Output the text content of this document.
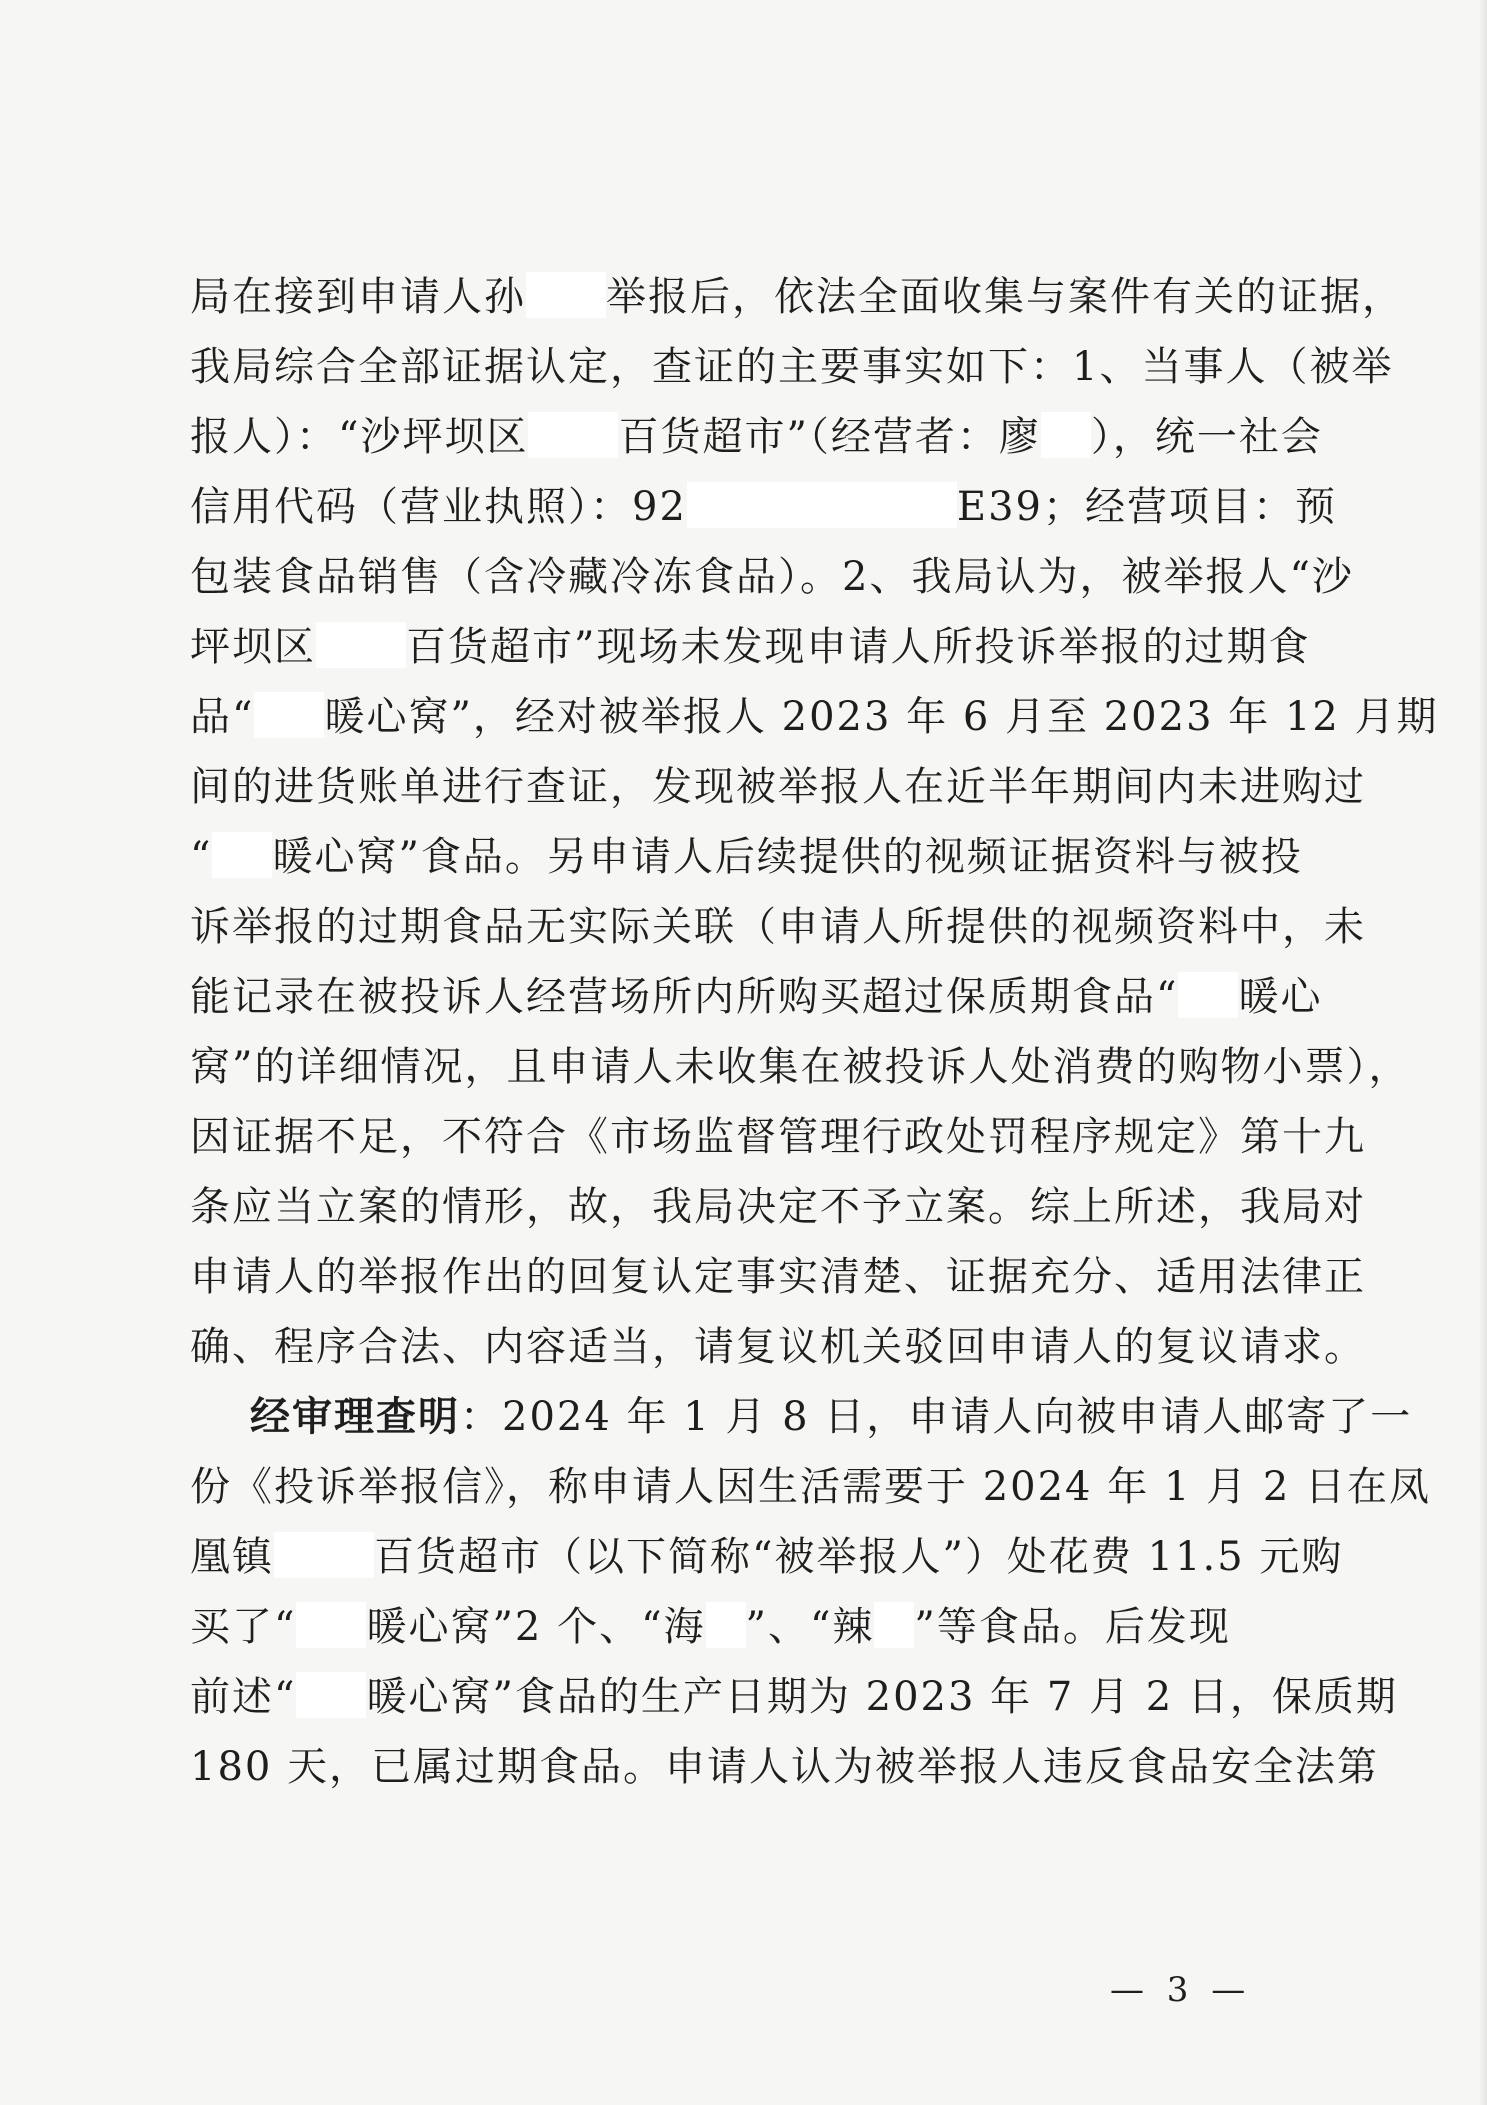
局在接到申请人孙 举报后，依法全面收集与案件有关的证据，
我局综合全部证据认定，查证的主要事实如下：1、当事人（被举
报人）：“沙坪坝区 百货超市”（经营者：廖 ），统一社会
信用代码（营业执照）：92	E39；经营项目：预
包装食品销售（含冷藏冷冻食品）。2、我局认为，被举报人“沙
坪坝区 百货超市”现场未发现申请人所投诉举报的过期食
品“ 暖心窝”，经对被举报人 2023 年 6 月至 2023 年 12 月期
间的进货账单进行查证，发现被举报人在近半年期间内未进购过
“ 暖心窝”食品。另申请人后续提供的视频证据资料与被投
诉举报的过期食品无实际关联（申请人所提供的视频资料中，未
能记录在被投诉人经营场所内所购买超过保质期食品“ 暖心
窝”的详细情况，且申请人未收集在被投诉人处消费的购物小票），
因证据不足，不符合《市场监督管理行政处罚程序规定》第十九
条应当立案的情形，故，我局决定不予立案。综上所述，我局对
申请人的举报作出的回复认定事实清楚、证据充分、适用法律正
确、程序合法、内容适当，请复议机关驳回申请人的复议请求。
经审理查明：2024 年 1 月 8 日，申请人向被申请人邮寄了一
份《投诉举报信》，称申请人因生活需要于 2024 年 1 月 2 日在凤
凰镇	百货超市（以下简称“被举报人”）处花费 11.5 元购
买了“ 暖心窝”2 个、“海 ”、“辣 ”等食品。后发现
前述“ 暖心窝”食品的生产日期为 2023 年 7 月 2 日，保质期
180 天，已属过期食品。申请人认为被举报人违反食品安全法第
— 3 —
